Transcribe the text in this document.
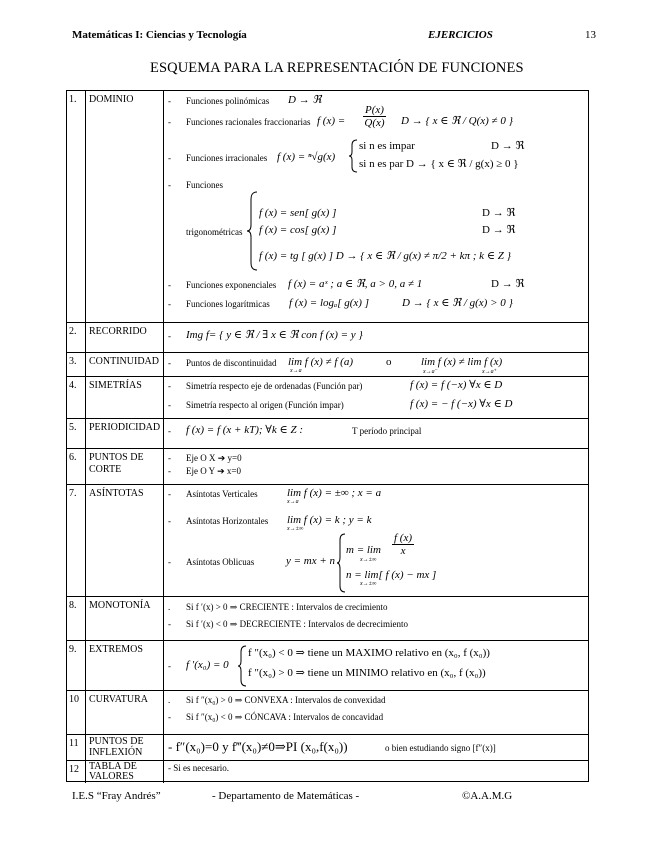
Matemáticas I: Ciencias y Tecnología	EJERCICIOS	13
ESQUEMA PARA LA REPRESENTACIÓN DE FUNCIONES
1.	DOMINIO	- Funciones polinómicas D → ℜ
- Funciones racionales fraccionarias f $(x) = \frac{P(x)}{Q(x)}$ D → { x ∈ ℜ / Q(x) ≠ 0 }
- Funciones irracionales f (x) = ⁿ√g(x)
si n es impar	D → ℜ
si n es par D → { x ∈ ℜ / g(x) ≥ 0 }
- Funciones
trigonométricas
f (x) = sen[ g(x) ]	D → ℜ
f (x) = cos[ g(x) ]	D → ℜ
f (x) = tg [ g(x) ] D → { x ∈ ℜ / g(x) ≠ π/2 + kπ ; k ∈ Z }
- Funciones exponenciales f (x) = aˣ ; a ∈ ℜ, a > 0, a ≠ 1	D → ℜ
- Funciones logarítmicas f (x) = logₐ[ g(x) ]	D → { x ∈ ℜ / g(x) > 0 }
2.	RECORRIDO	- Img f= { y ∈ ℜ / ∃ x ∈ ℜ con f (x) = y }
3.	CONTINUIDAD	- Puntos de discontinuidad lim f (x) ≠ f (a)
x→a
o	lim f (x) ≠ lim f (x)
x→a⁻	x→a⁺
4.	SIMETRÍAS	- Simetría respecto eje de ordenadas (Función par)	f (x) = f (−x) ∀x ∈ D
- Simetría respecto al origen (Función impar)	f (x) = − f (−x) ∀x ∈ D
5.	PERIODICIDAD - f (x) = f (x + kT); ∀k ∈ Z :	T período principal
6.	PUNTOS DE CORTE
- Eje O X ➔ y=0
- Eje O Y ➔ x=0
7.	ASÍNTOTAS	- Asíntotas Verticales	lim f (x) = ±∞ ; x = a
x→a
- Asíntotas Horizontales lim f (x) = k ; y = k
x→±∞
- Asíntotas Oblicuas	y = mx + n
$m = \lim \frac{f (x)}{x}$
x→±∞
n = lim[ f (x) − mx ]
x→±∞
8.	MONOTONÍA	. Si f ′(x) > 0 ⇒ CRECIENTE : Intervalos de crecimiento
- Si f ′(x) < 0 ⇒ DECRECIENTE : Intervalos de decrecimiento
9.	EXTREMOS
- f ′(x₀) = 0
f ″(x₀) < 0 ⇒ tiene un MAXIMO relativo en (x₀, f (x₀))
f ″(x₀) > 0 ⇒ tiene un MINIMO relativo en (x₀, f (x₀))
10	CURVATURA	. Si f ″(x₀) > 0 ⇒ CONVEXA : Intervalos de convexidad
- Si f ″(x₀) < 0 ⇒ CÓNCAVA : Intervalos de concavidad
11	PUNTOS DE INFLEXIÓN	- f″(x₀)=0 y f‴(x₀)≠0⇒PI (x₀,f(x₀))	o bien estudiando signo [f″(x)]
12	TABLA DE VALORES
- Si es necesario.
I.E.S “Fray Andrés”	- Departamento de Matemáticas -	©A.A.M.G
